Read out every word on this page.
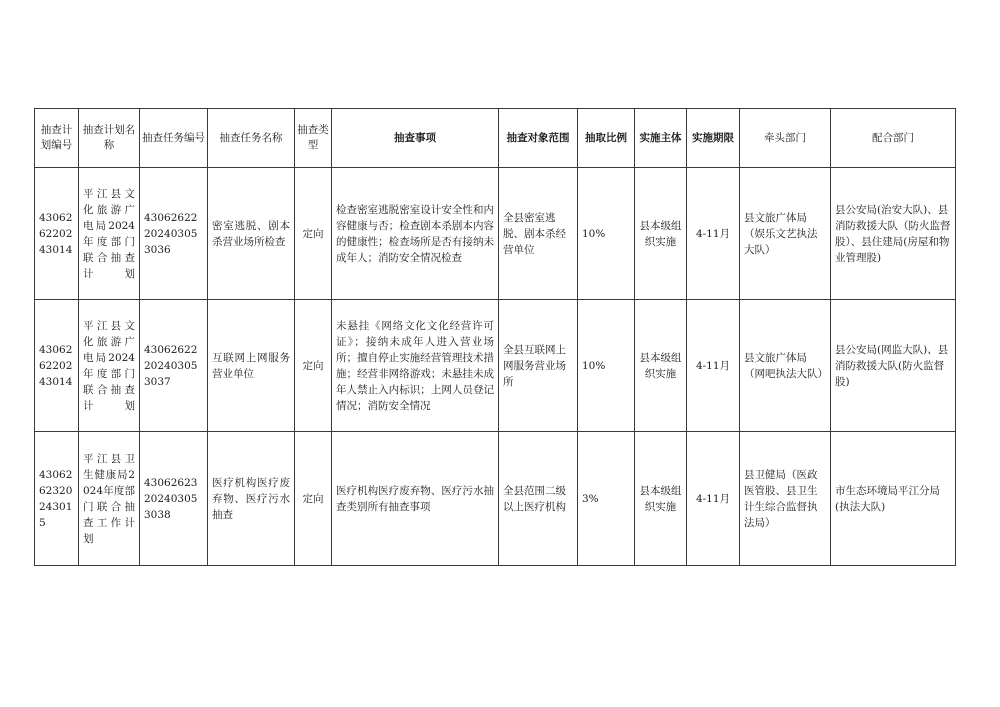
抽查计划编号	抽查计划名称	抽查任务编号	抽查任务名称	抽查类型	抽查事项	抽查对象范围	抽取比例	实施主体	实施期限	牵头部门	配合部门
430626220243014	平江县文化旅游广电局2024年度部门联合抽查计划	43062622202403053036	密室逃脱、剧本杀营业场所检查	定向	检查密室逃脱密室设计安全性和内容健康与否；检查剧本杀剧本内容的健康性；检查场所是否有接纳未成年人；消防安全情况检查	全县密室逃脱、剧本杀经营单位	10%	县本级组织实施	4-11月	县文旅广体局（娱乐文艺执法大队）	县公安局(治安大队)、县消防救援大队（防火监督股）、县住建局(房屋和物业管理股)
430626220243014	平江县文化旅游广电局2024年度部门联合抽查计划	43062622202403053037	互联网上网服务营业单位	定向	未悬挂《网络文化文化经营许可证》；接纳未成年人进入营业场所；擅自停止实施经营管理技术措施；经营非网络游戏；未悬挂未成年人禁止入内标识；上网人员登记情况；消防安全情况	全县互联网上网服务营业场所	10%	县本级组织实施	4-11月	县文旅广体局（网吧执法大队）	县公安局(网监大队)、县消防救援大队(防火监督股)
430626232024301 5	平江县卫生健康局2024年度部门联合抽查工作计划	43062623202403053038	医疗机构医疗废弃物、医疗污水抽查	定向	医疗机构医疗废弃物、医疗污水抽查类别所有抽查事项	全县范围二级以上医疗机构	3%	县本级组织实施	4-11月	县卫健局（医政医管股、县卫生计生综合监督执法局）	市生态环境局平江分局(执法大队)
